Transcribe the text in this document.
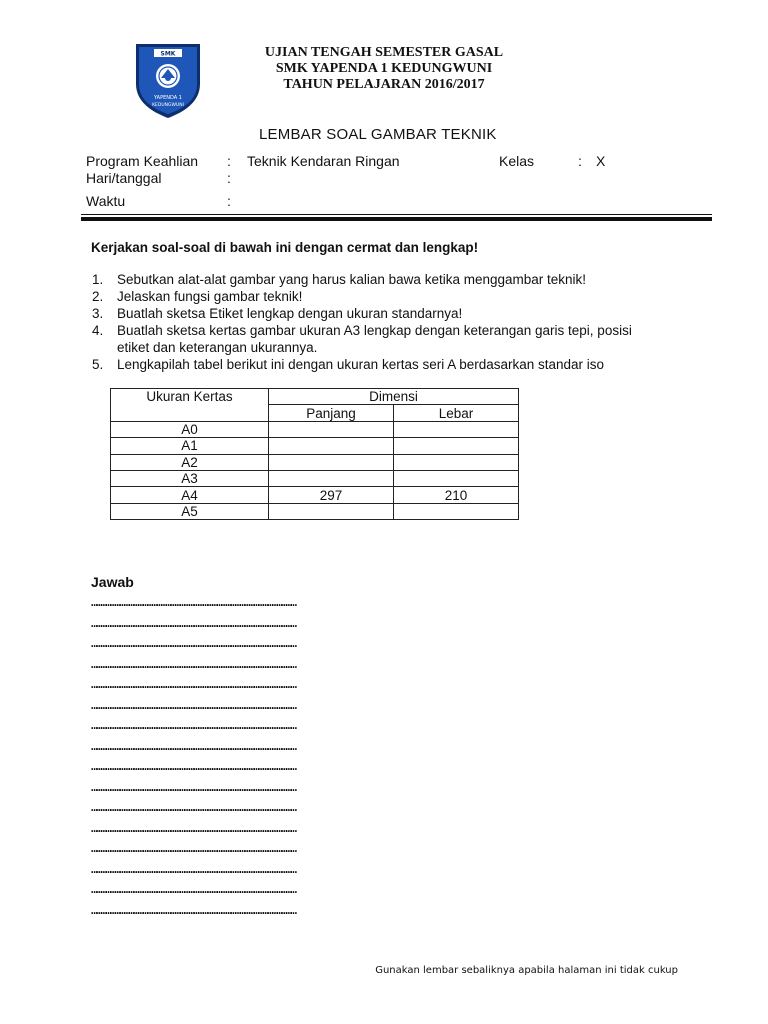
SMK
YAPENDA 1
KEDUNGWUNI
UJIAN TENGAH SEMESTER GASAL
SMK YAPENDA 1 KEDUNGWUNI
TAHUN PELAJARAN 2016/2017
LEMBAR SOAL GAMBAR TEKNIK
Program Keahlian : Teknik Kendaran Ringan	Kelas	: X
Hari/tanggal	:
Waktu	:
Kerjakan soal-soal di bawah ini dengan cermat dan lengkap!
1. Sebutkan alat-alat gambar yang harus kalian bawa ketika menggambar teknik!
2. Jelaskan fungsi gambar teknik!
3. Buatlah sketsa Etiket lengkap dengan ukuran standarnya!
4. Buatlah sketsa kertas gambar ukuran A3 lengkap dengan keterangan garis tepi, posisi etiket dan keterangan ukurannya.
5. Lengkapilah tabel berikut ini dengan ukuran kertas seri A berdasarkan standar iso
Ukuran Kertas	Dimensi	
	Panjang	Lebar
A0		
A1		
A2		
A3		
A4	297	210
A5		
Jawab
……………………………………………………………………………………………………………………
……………………………………………………………………………………………………………………
……………………………………………………………………………………………………………………
……………………………………………………………………………………………………………………
……………………………………………………………………………………………………………………
……………………………………………………………………………………………………………………
……………………………………………………………………………………………………………………
……………………………………………………………………………………………………………………
……………………………………………………………………………………………………………………
……………………………………………………………………………………………………………………
……………………………………………………………………………………………………………………
……………………………………………………………………………………………………………………
……………………………………………………………………………………………………………………
……………………………………………………………………………………………………………………
……………………………………………………………………………………………………………………
……………………………………………………………………………………………………………………
Gunakan lembar sebaliknya apabila halaman ini tidak cukup
